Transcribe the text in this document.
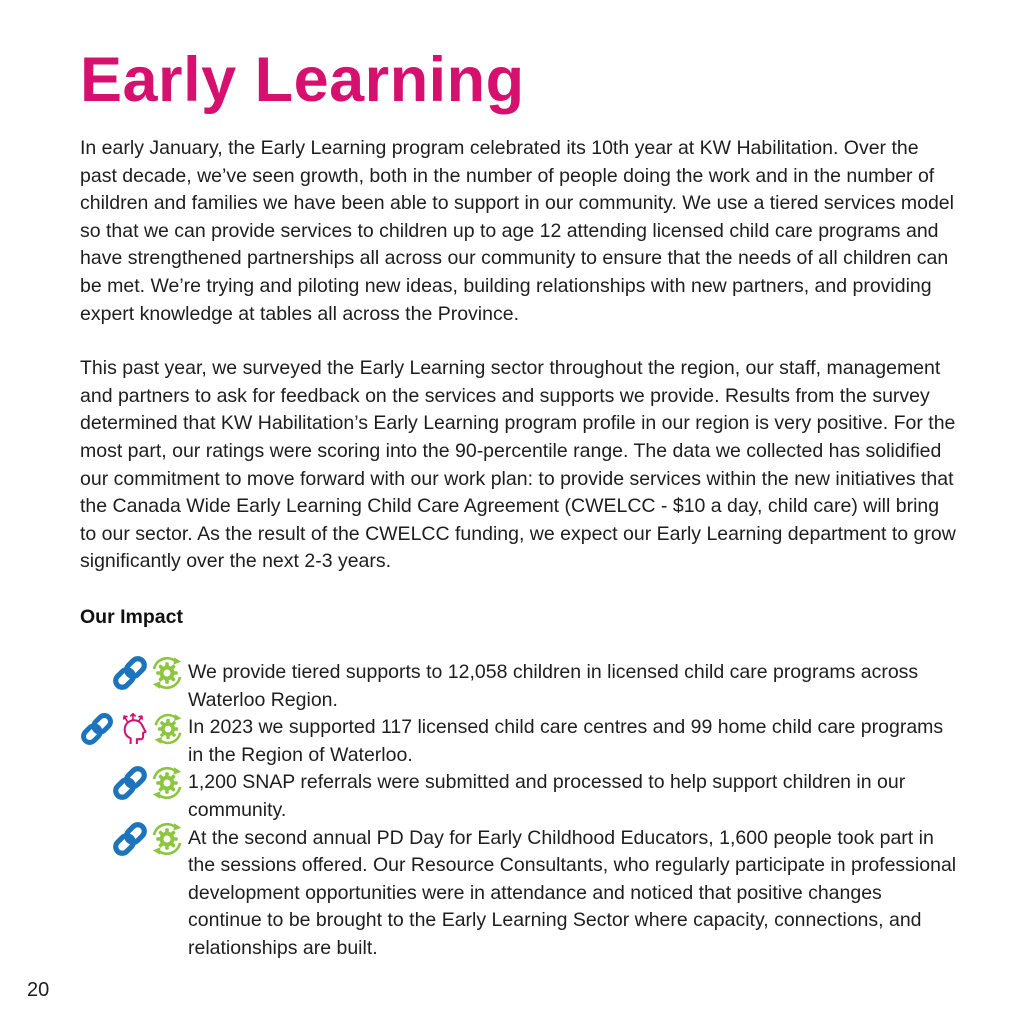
Early Learning

In early January, the Early Learning program celebrated its 10th year at KW Habilitation. Over the past decade, we’ve seen growth, both in the number of people doing the work and in the number of children and families we have been able to support in our community. We use a tiered services model so that we can provide services to children up to age 12 attending licensed child care programs and have strengthened partnerships all across our community to ensure that the needs of all children can be met. We’re trying and piloting new ideas, building relationships with new partners, and providing expert knowledge at tables all across the Province.

This past year, we surveyed the Early Learning sector throughout the region, our staff, management and partners to ask for feedback on the services and supports we provide. Results from the survey determined that KW Habilitation’s Early Learning program profile in our region is very positive. For the most part, our ratings were scoring into the 90-percentile range. The data we collected has solidified our commitment to move forward with our work plan: to provide services within the new initiatives that the Canada Wide Early Learning Child Care Agreement (CWELCC - $10 a day, child care) will bring to our sector. As the result of the CWELCC funding, we expect our Early Learning department to grow significantly over the next 2-3 years.

Our Impact
We provide tiered supports to 12,058 children in licensed child care programs across Waterloo Region.
In 2023 we supported 117 licensed child care centres and 99 home child care programs in the Region of Waterloo.
1,200 SNAP referrals were submitted and processed to help support children in our community.
At the second annual PD Day for Early Childhood Educators, 1,600 people took part in the sessions offered. Our Resource Consultants, who regularly participate in professional development opportunities were in attendance and noticed that positive changes continue to be brought to the Early Learning Sector where capacity, connections, and relationships are built.
20
